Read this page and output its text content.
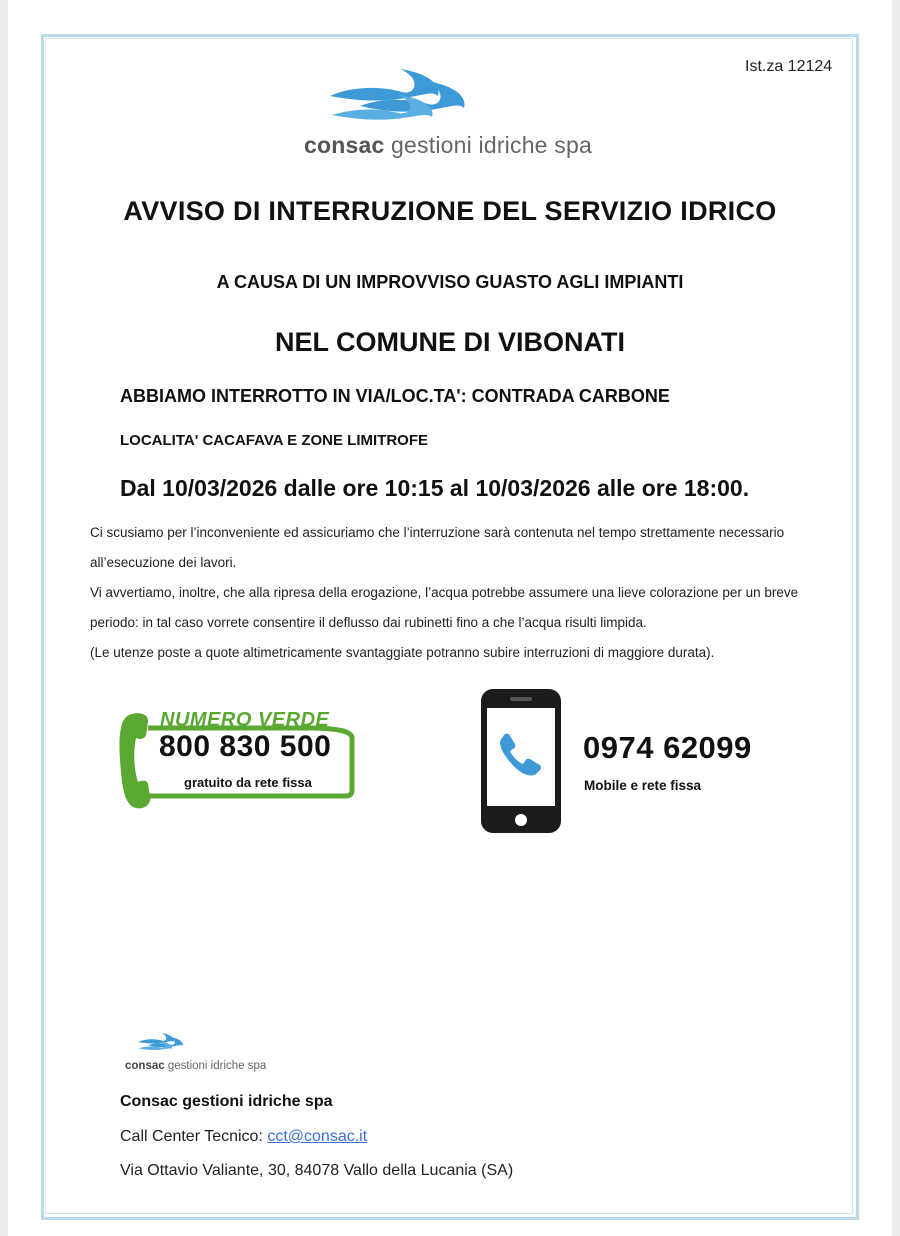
Ist.za 12124
consac gestioni idriche spa
AVVISO DI INTERRUZIONE DEL SERVIZIO IDRICO
A CAUSA DI UN IMPROVVISO GUASTO AGLI IMPIANTI
NEL COMUNE DI VIBONATI
ABBIAMO INTERROTTO IN VIA/LOC.TA': CONTRADA CARBONE
LOCALITA' CACAFAVA E ZONE LIMITROFE
Dal 10/03/2026 dalle ore 10:15 al 10/03/2026 alle ore 18:00.
Ci scusiamo per l’inconveniente ed assicuriamo che l’interruzione sarà contenuta nel tempo strettamente necessario all’esecuzione dei lavori.
Vi avvertiamo, inoltre, che alla ripresa della erogazione, l’acqua potrebbe assumere una lieve colorazione per un breve periodo: in tal caso vorrete consentire il deflusso dai rubinetti fino a che l’acqua risulti limpida.
(Le utenze poste a quote altimetricamente svantaggiate potranno subire interruzioni di maggiore durata).
NUMERO VERDE
800 830 500
gratuito da rete fissa
0974 62099
Mobile e rete fissa
consac gestioni idriche spa
Consac gestioni idriche spa
Call Center Tecnico: cct@consac.it
Via Ottavio Valiante, 30, 84078 Vallo della Lucania (SA)
